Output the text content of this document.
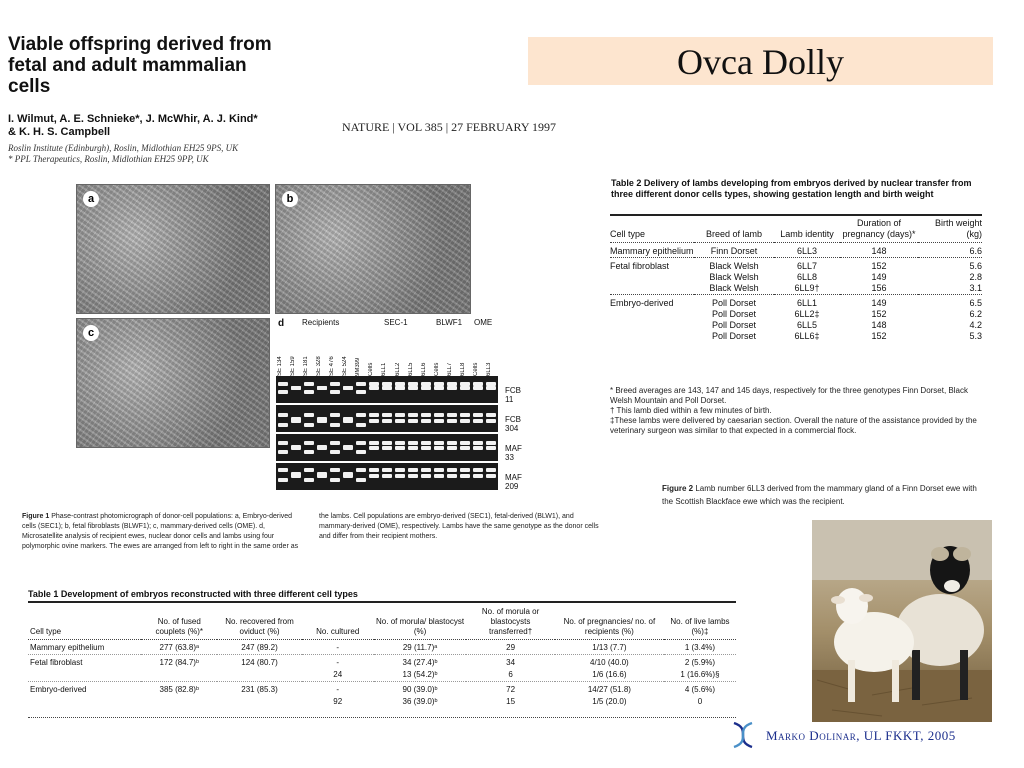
Viable offspring derived from
fetal and adult mammalian
cells
I. Wilmut, A. E. Schnieke*, J. McWhir, A. J. Kind*
& K. H. S. Campbell
Roslin Institute (Edinburgh), Roslin, Midlothian EH25 9PS, UK
* PPL Therapeutics, Roslin, Midlothian EH25 9PP, UK
NATURE | VOL 385 | 27 FEBRUARY 1997
Ovca Dolly
a	b
c
d Recipients	SEC-1	BLWF1 OME
SE 134	SE 159	SE 181	SE 328	SE 476	SE 524	9M399	Cells	6LL1	6LL2	6LL5	6LL6	Cells	6LL7	6LL8	Cells	6LL3
FCB 11
FCB 304
MAF 33
MAF 209
Figure 1 Phase-contrast photomicrograph of donor-cell populations: a, Embryo-derived cells (SEC1); b, fetal fibroblasts (BLWF1); c, mammary-derived cells (OME). d, Microsatellite analysis of recipient ewes, nuclear donor cells and lambs using four polymorphic ovine markers. The ewes are arranged from left to right in the same order as the lambs. Cell populations are embryo-derived (SEC1), fetal-derived (BLW1), and mammary-derived (OME), respectively. Lambs have the same genotype as the donor cells and differ from their recipient mothers.
Table 2 Delivery of lambs developing from embryos derived by nuclear transfer from three different donor cells types, showing gestation length and birth weight
Cell type	Breed of lamb	Lamb identity	Duration of pregnancy (days)*	Birth weight (kg)
Mammary epithelium	Finn Dorset	6LL3	148	6.6
Fetal fibroblast	Black Welsh	6LL7	152	5.6
	Black Welsh	6LL8	149	2.8
	Black Welsh	6LL9†	156	3.1
Embryo-derived	Poll Dorset	6LL1	149	6.5
	Poll Dorset	6LL2‡	152	6.2
	Poll Dorset	6LL5	148	4.2
	Poll Dorset	6LL6‡	152	5.3
* Breed averages are 143, 147 and 145 days, respectively for the three genotypes Finn Dorset, Black Welsh Mountain and Poll Dorset.
† This lamb died within a few minutes of birth.
‡These lambs were delivered by caesarian section. Overall the nature of the assistance provided by the veterinary surgeon was similar to that expected in a commercial flock.
Figure 2 Lamb number 6LL3 derived from the mammary gland of a Finn Dorset ewe with the Scottish Blackface ewe which was the recipient.
Table 1 Development of embryos reconstructed with three different cell types
Cell type	No. of fused couplets (%)*	No. recovered from oviduct (%)	No. cultured	No. of morula/ blastocyst (%)	No. of morula or blastocysts transferred†	No. of pregnancies/ no. of recipients (%)	No. of live lambs (%)‡
Mammary epithelium	277 (63.8)ᵃ	247 (89.2)	-	29 (11.7)ᵃ	29	1/13 (7.7)	1 (3.4%)
Fetal fibroblast	172 (84.7)ᵇ	124 (80.7)	-	34 (27.4)ᵇ	34	4/10 (40.0)	2 (5.9%)
			24	13 (54.2)ᵇ	6	1/6 (16.6)	1 (16.6%)§
Embryo-derived	385 (82.8)ᵇ	231 (85.3)	-	90 (39.0)ᵇ	72	14/27 (51.8)	4 (5.6%)
			92	36 (39.0)ᵇ	15	1/5 (20.0)	0
Marko Dolinar, UL FKKT, 2005
